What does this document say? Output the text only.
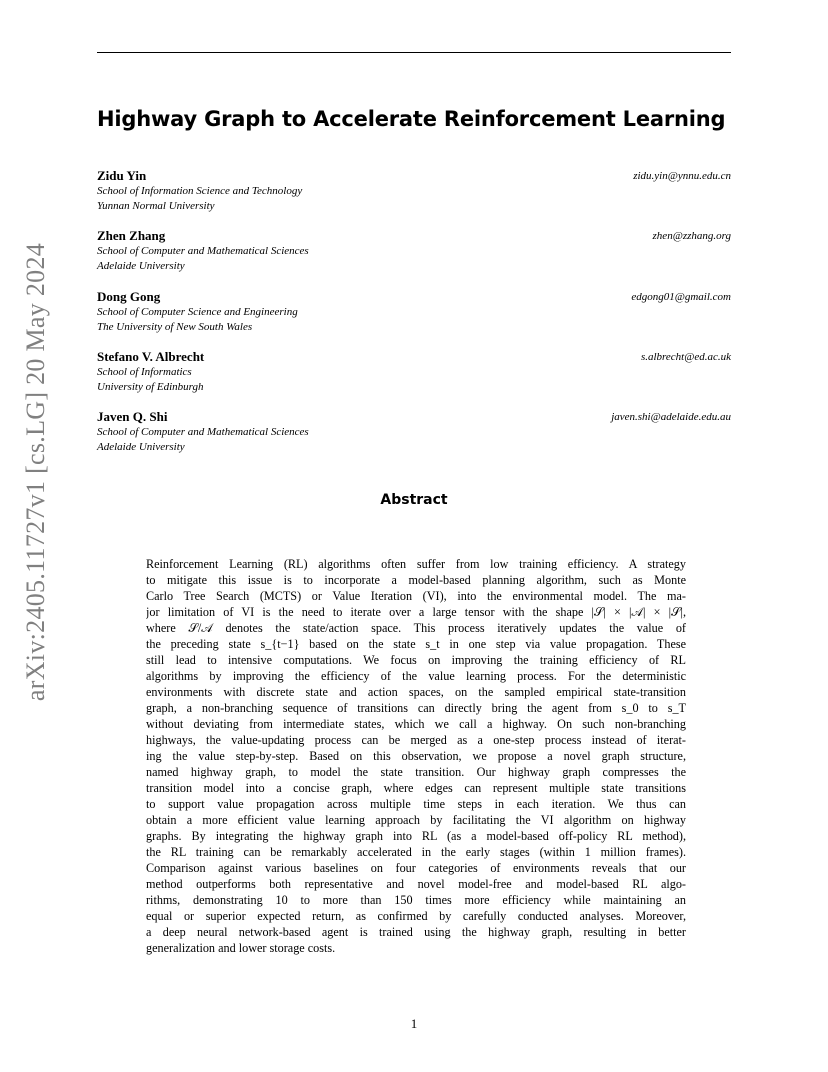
arXiv:2405.11727v1 [cs.LG] 20 May 2024
Highway Graph to Accelerate Reinforcement Learning
Zidu Yin	zidu.yin@ynnu.edu.cn
School of Information Science and Technology
Yunnan Normal University
Zhen Zhang	zhen@zzhang.org
School of Computer and Mathematical Sciences
Adelaide University
Dong Gong	edgong01@gmail.com
School of Computer Science and Engineering
The University of New South Wales
Stefano V. Albrecht	s.albrecht@ed.ac.uk
School of Informatics
University of Edinburgh
Javen Q. Shi	javen.shi@adelaide.edu.au
School of Computer and Mathematical Sciences
Adelaide University
Abstract
Reinforcement Learning (RL) algorithms often suffer from low training efficiency. A strategy
to mitigate this issue is to incorporate a model-based planning algorithm, such as Monte
Carlo Tree Search (MCTS) or Value Iteration (VI), into the environmental model. The ma-
jor limitation of VI is the need to iterate over a large tensor with the shape |𝒮| × |𝒜| × |𝒮|,
where 𝒮/𝒜 denotes the state/action space. This process iteratively updates the value of
the preceding state s_{t−1} based on the state s_t in one step via value propagation. These
still lead to intensive computations. We focus on improving the training efficiency of RL
algorithms by improving the efficiency of the value learning process. For the deterministic
environments with discrete state and action spaces, on the sampled empirical state-transition
graph, a non-branching sequence of transitions can directly bring the agent from s_0 to s_T
without deviating from intermediate states, which we call a highway. On such non-branching
highways, the value-updating process can be merged as a one-step process instead of iterat-
ing the value step-by-step. Based on this observation, we propose a novel graph structure,
named highway graph, to model the state transition. Our highway graph compresses the
transition model into a concise graph, where edges can represent multiple state transitions
to support value propagation across multiple time steps in each iteration. We thus can
obtain a more efficient value learning approach by facilitating the VI algorithm on highway
graphs. By integrating the highway graph into RL (as a model-based off-policy RL method),
the RL training can be remarkably accelerated in the early stages (within 1 million frames).
Comparison against various baselines on four categories of environments reveals that our
method outperforms both representative and novel model-free and model-based RL algo-
rithms, demonstrating 10 to more than 150 times more efficiency while maintaining an
equal or superior expected return, as confirmed by carefully conducted analyses. Moreover,
a deep neural network-based agent is trained using the highway graph, resulting in better
generalization and lower storage costs.
1
